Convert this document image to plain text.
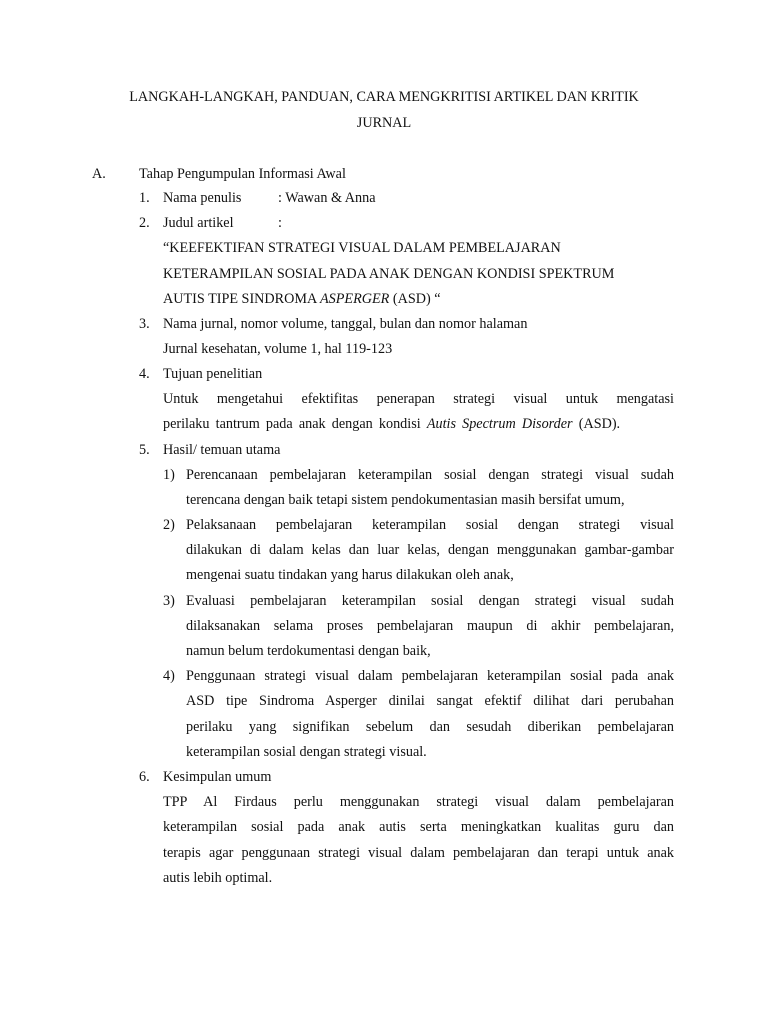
LANGKAH-LANGKAH, PANDUAN, CARA MENGKRITISI ARTIKEL DAN KRITIK
JURNAL
A. Tahap Pengumpulan Informasi Awal
1. Nama penulis	: Wawan & Anna
2. Judul artikel	:
“KEEFEKTIFAN STRATEGI VISUAL DALAM PEMBELAJARAN
KETERAMPILAN SOSIAL PADA ANAK DENGAN KONDISI SPEKTRUM
AUTIS TIPE SINDROMA ASPERGER (ASD) “
3. Nama jurnal, nomor volume, tanggal, bulan dan nomor halaman
Jurnal kesehatan, volume 1, hal 119-123
4. Tujuan penelitian
Untuk mengetahui efektifitas penerapan strategi visual untuk mengatasi
perilaku tantrum pada anak dengan kondisi Autis Spectrum Disorder (ASD).
5. Hasil/ temuan utama
1) Perencanaan pembelajaran keterampilan sosial dengan strategi visual sudah
terencana dengan baik tetapi sistem pendokumentasian masih bersifat umum,
2) Pelaksanaan pembelajaran keterampilan sosial dengan strategi visual
dilakukan di dalam kelas dan luar kelas, dengan menggunakan gambar-gambar
mengenai suatu tindakan yang harus dilakukan oleh anak,
3) Evaluasi pembelajaran keterampilan sosial dengan strategi visual sudah
dilaksanakan selama proses pembelajaran maupun di akhir pembelajaran,
namun belum terdokumentasi dengan baik,
4) Penggunaan strategi visual dalam pembelajaran keterampilan sosial pada anak
ASD tipe Sindroma Asperger dinilai sangat efektif dilihat dari perubahan
perilaku yang signifikan sebelum dan sesudah diberikan pembelajaran
keterampilan sosial dengan strategi visual.
6. Kesimpulan umum
TPP Al Firdaus perlu menggunakan strategi visual dalam pembelajaran
keterampilan sosial pada anak autis serta meningkatkan kualitas guru dan
terapis agar penggunaan strategi visual dalam pembelajaran dan terapi untuk anak
autis lebih optimal.
